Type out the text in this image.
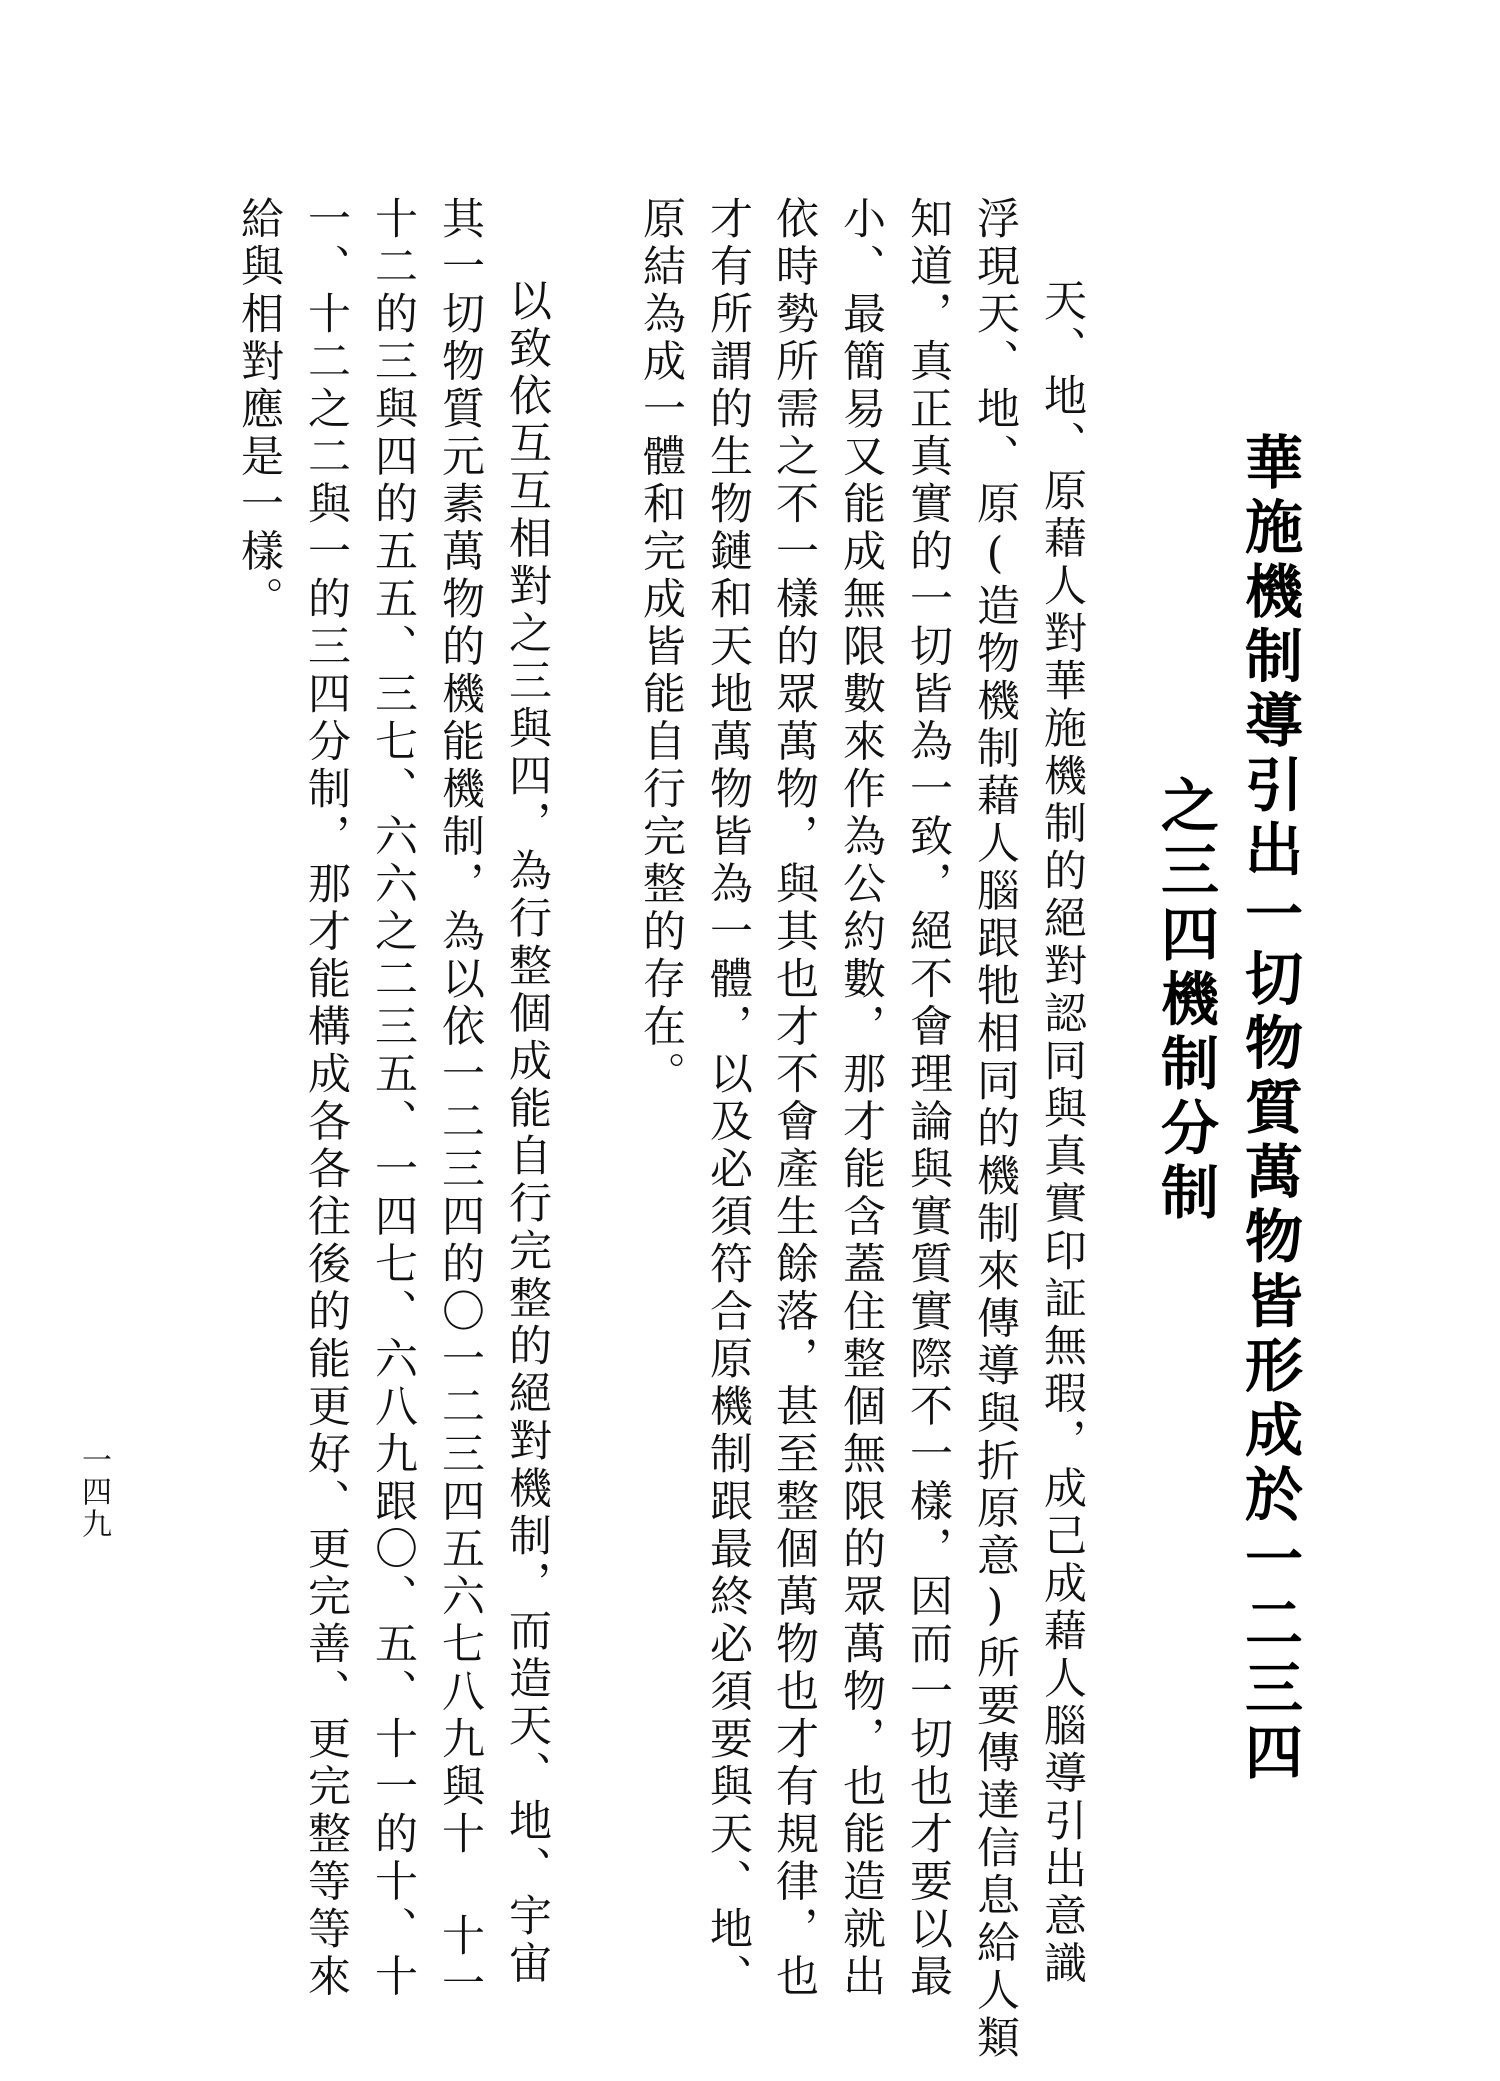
華施機制導引出一切物質萬物皆形成於一二三四
之三四機制分制
天、地、原藉人對華施機制的絕對認同與真實印証無瑕，成己成藉人腦導引出意識
浮現天、地、原(造物機制藉人腦跟牠相同的機制來傳導與折原意)所要傳達信息給人類
知道，真正真實的一切皆為一致，絕不會理論與實質實際不一樣，因而一切也才要以最
小、最簡易又能成無限數來作為公約數，那才能含蓋住整個無限的眾萬物，也能造就出
依時勢所需之不一樣的眾萬物，與其也才不會產生餘落，甚至整個萬物也才有規律，也
才有所謂的生物鏈和天地萬物皆為一體，以及必須符合原機制跟最終必須要與天、地、
原結為成一體和完成皆能自行完整的存在。
以致依互互相對之三與四，為行整個成能自行完整的絕對機制，而造天、地、宇宙
其一切物質元素萬物的機能機制，為以依一二三四的〇一二三四五六七八九與十 十一
十二的三與四的五五、三七、六六之二三五、一四七、六八九跟〇、五、十一的十、十
一、十二之二與一的三四分制，那才能構成各各往後的能更好、更完善、更完整等等來
給與相對應是一樣。
一四九
